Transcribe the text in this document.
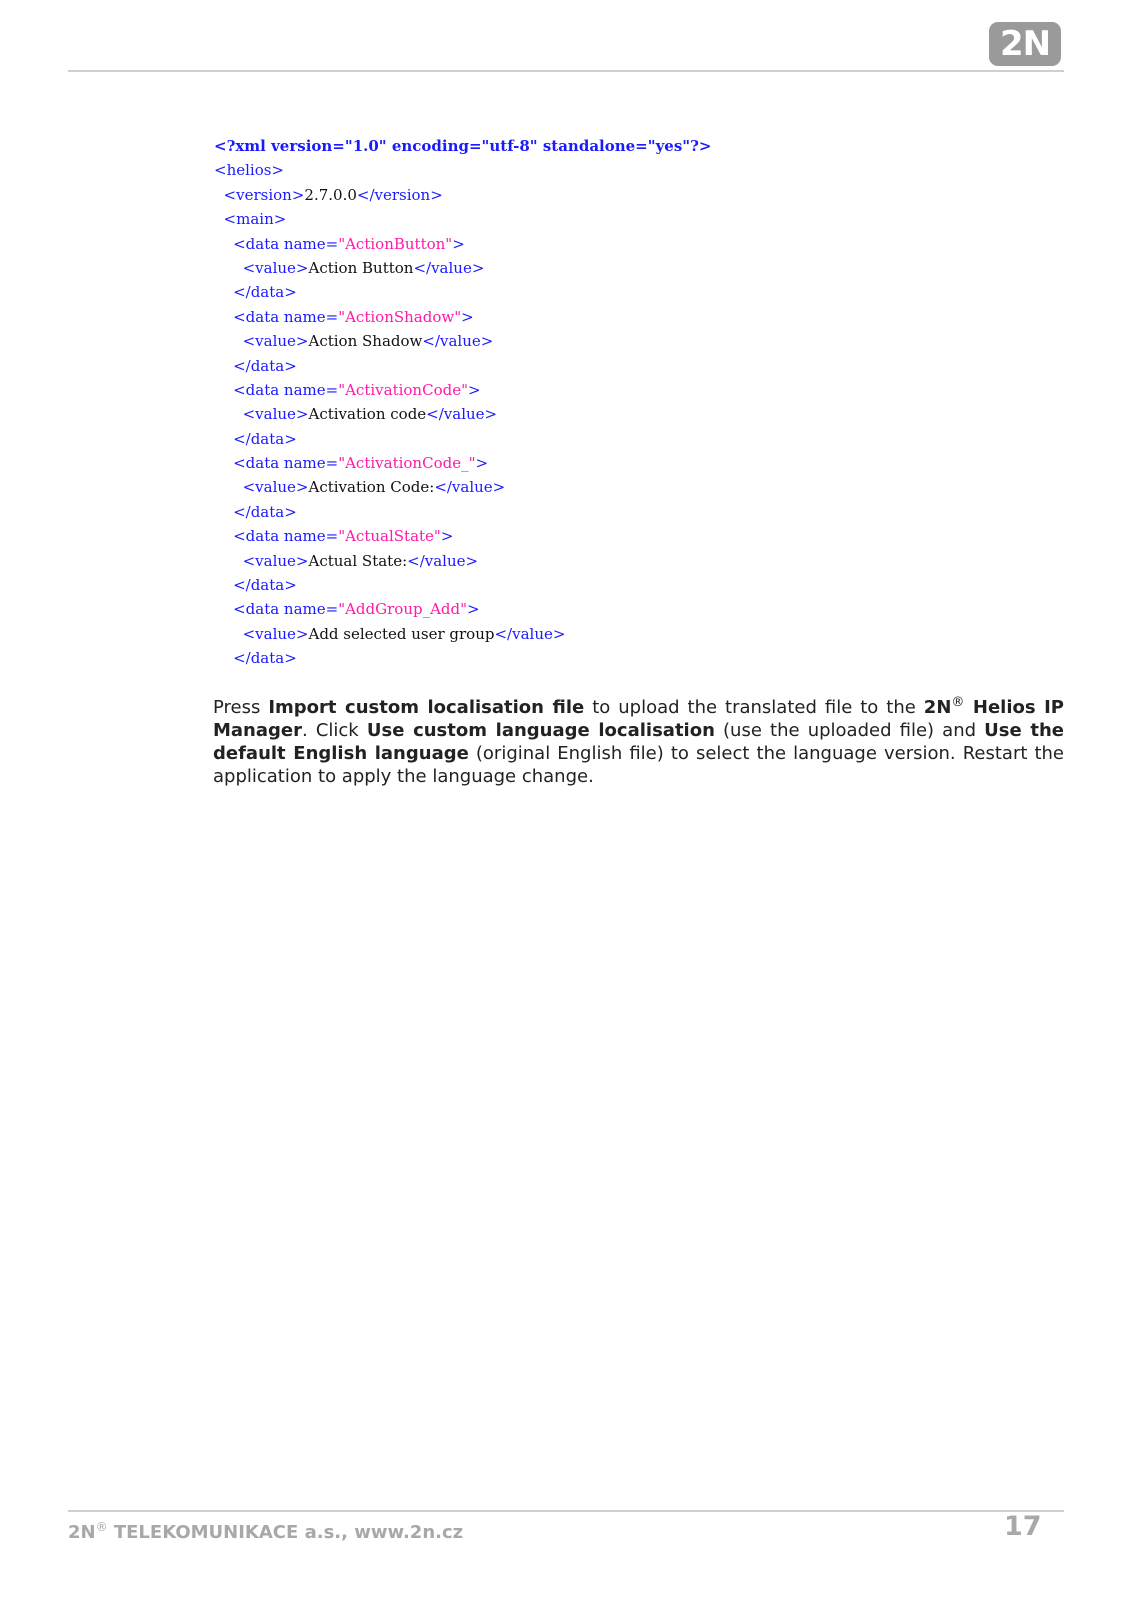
2N
<?xml version="1.0" encoding="utf-8" standalone="yes"?>
<helios>
<version>2.7.0.0</version>
<main>
<data name="ActionButton">
<value>Action Button</value>
</data>
<data name="ActionShadow">
<value>Action Shadow</value>
</data>
<data name="ActivationCode">
<value>Activation code</value>
</data>
<data name="ActivationCode_">
<value>Activation Code:</value>
</data>
<data name="ActualState">
<value>Actual State:</value>
</data>
<data name="AddGroup_Add">
<value>Add selected user group</value>
</data>
Press Import custom localisation file to upload the translated file to the 2N® Helios IP Manager. Click Use custom language localisation (use the uploaded file) and Use the default English language (original English file) to select the language version. Restart the application to apply the language change.
2N® TELEKOMUNIKACE a.s., www.2n.cz	17
